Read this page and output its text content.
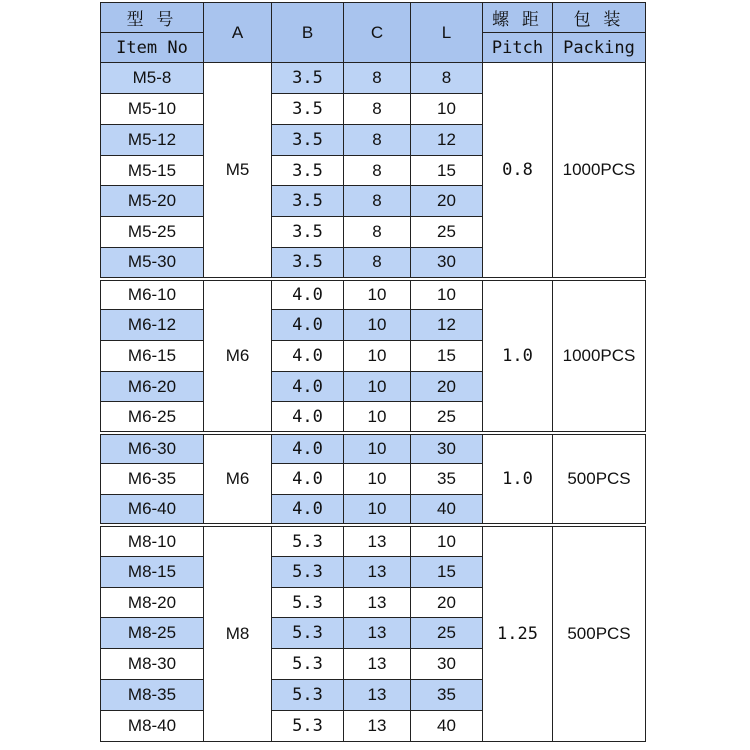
型 号	A	B	C	L	螺 距	包 装
Item No					Pitch	Packing
M5-8	M5	3.5	8	8	0.8	1000PCS
M5-10		3.5	8	10		
M5-12		3.5	8	12		
M5-15		3.5	8	15		
M5-20		3.5	8	20		
M5-25		3.5	8	25		
M5-30		3.5	8	30		
M6-10	M6	4.0	10	10	1.0	1000PCS
M6-12		4.0	10	12		
M6-15		4.0	10	15		
M6-20		4.0	10	20		
M6-25		4.0	10	25		
M6-30	M6	4.0	10	30	1.0	500PCS
M6-35		4.0	10	35		
M6-40		4.0	10	40		
M8-10	M8	5.3	13	10	1.25	500PCS
M8-15		5.3	13	15		
M8-20		5.3	13	20		
M8-25		5.3	13	25		
M8-30		5.3	13	30		
M8-35		5.3	13	35		
M8-40		5.3	13	40		
